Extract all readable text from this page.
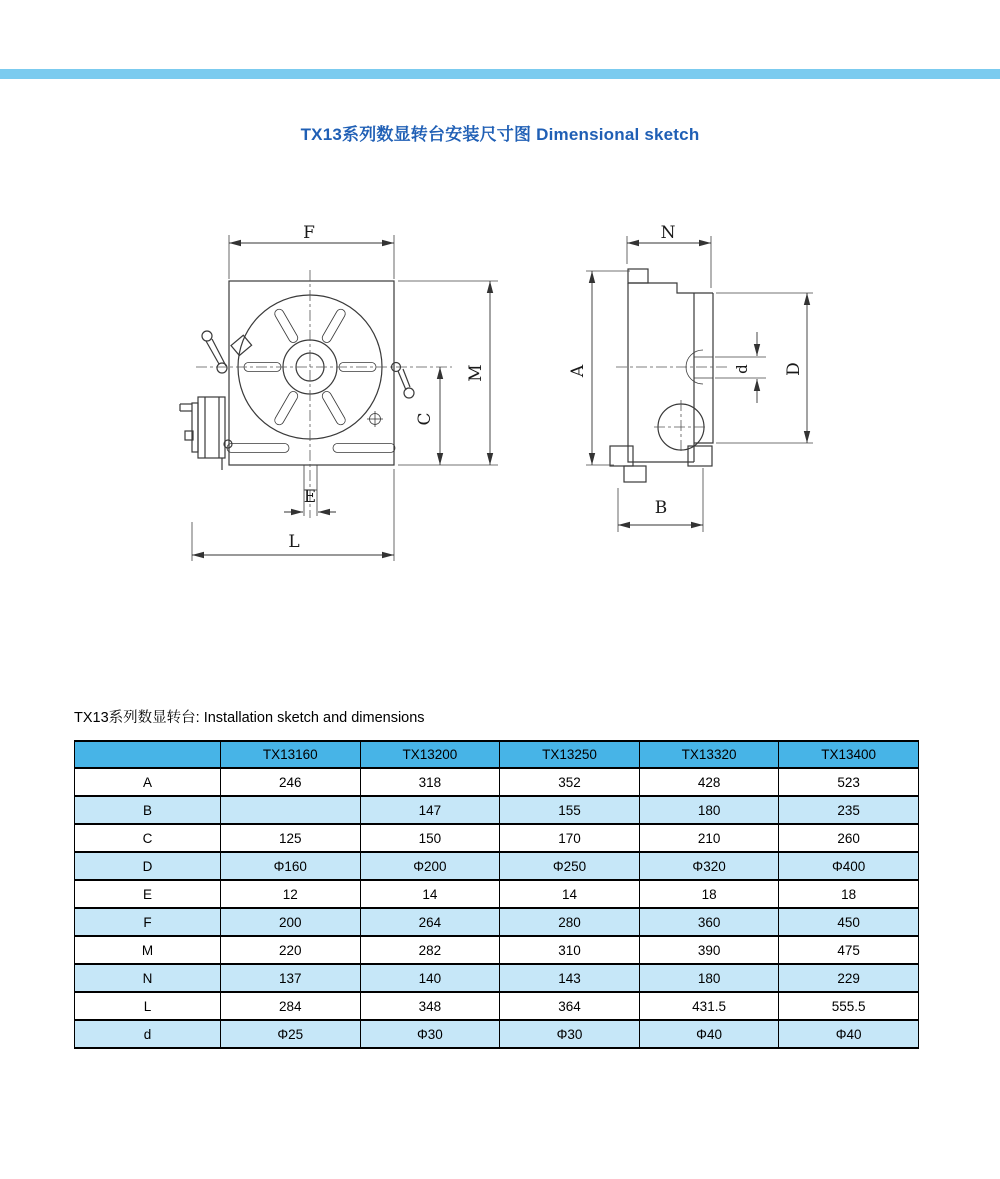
TX13系列数显转台安装尺寸图 Dimensional sketch
F
M
C
E
L
N
A	D
d
B
TX13系列数显转台: Installation sketch and dimensions
	TX13160	TX13200	TX13250	TX13320	TX13400
A	246	318	352	428	523
B		147	155	180	235
C	125	150	170	210	260
D	Φ160	Φ200	Φ250	Φ320	Φ400
E	12	14	14	18	18
F	200	264	280	360	450
M	220	282	310	390	475
N	137	140	143	180	229
L	284	348	364	431.5	555.5
d	Φ25	Φ30	Φ30	Φ40	Φ40
